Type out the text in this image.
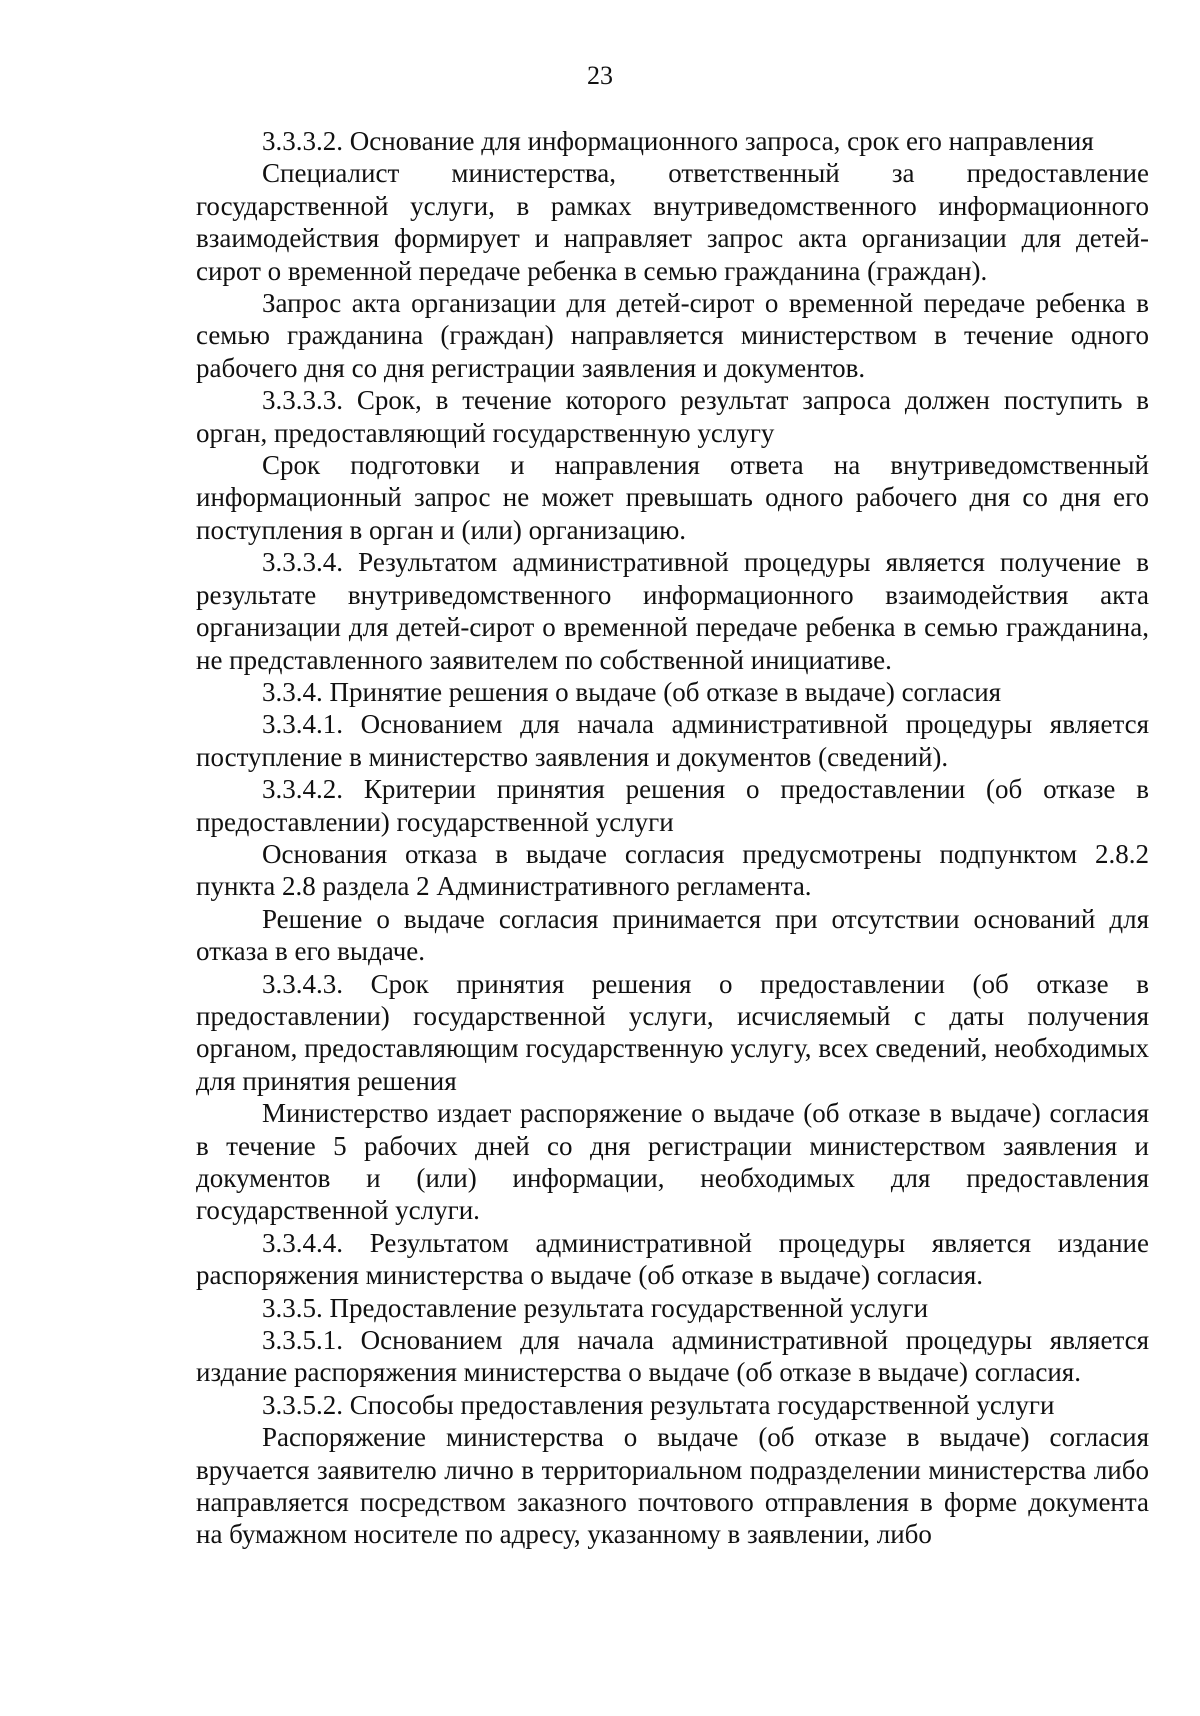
23

3.3.3.2. Основание для информационного запроса, срок его направления

Специалист министерства, ответственный за предоставление государственной услуги, в рамках внутриведомственного информационного взаимодействия формирует и направляет запрос акта организации для детей-сирот о временной передаче ребенка в семью гражданина (граждан).

Запрос акта организации для детей-сирот о временной передаче ребенка в семью гражданина (граждан) направляется министерством в течение одного рабочего дня со дня регистрации заявления и документов.

3.3.3.3. Срок, в течение которого результат запроса должен поступить в орган, предоставляющий государственную услугу

Срок подготовки и направления ответа на внутриведомственный информационный запрос не может превышать одного рабочего дня со дня его поступления в орган и (или) организацию.

3.3.3.4. Результатом административной процедуры является получение в результате внутриведомственного информационного взаимодействия акта организации для детей-сирот о временной передаче ребенка в семью гражданина, не представленного заявителем по собственной инициативе.

3.3.4. Принятие решения о выдаче (об отказе в выдаче) согласия

3.3.4.1. Основанием для начала административной процедуры является поступление в министерство заявления и документов (сведений).

3.3.4.2. Критерии принятия решения о предоставлении (об отказе в предоставлении) государственной услуги

Основания отказа в выдаче согласия предусмотрены подпунктом 2.8.2 пункта 2.8 раздела 2 Административного регламента.

Решение о выдаче согласия принимается при отсутствии оснований для отказа в его выдаче.

3.3.4.3. Срок принятия решения о предоставлении (об отказе в предоставлении) государственной услуги, исчисляемый с даты получения органом, предоставляющим государственную услугу, всех сведений, необходимых для принятия решения

Министерство издает распоряжение о выдаче (об отказе в выдаче) согласия в течение 5 рабочих дней со дня регистрации министерством заявления и документов и (или) информации, необходимых для предоставления государственной услуги.

3.3.4.4. Результатом административной процедуры является издание распоряжения министерства о выдаче (об отказе в выдаче) согласия.

3.3.5. Предоставление результата государственной услуги

3.3.5.1. Основанием для начала административной процедуры является издание распоряжения министерства о выдаче (об отказе в выдаче) согласия.

3.3.5.2. Способы предоставления результата государственной услуги

Распоряжение министерства о выдаче (об отказе в выдаче) согласия вручается заявителю лично в территориальном подразделении министерства либо направляется посредством заказного почтового отправления в форме документа на бумажном носителе по адресу, указанному в заявлении, либо
